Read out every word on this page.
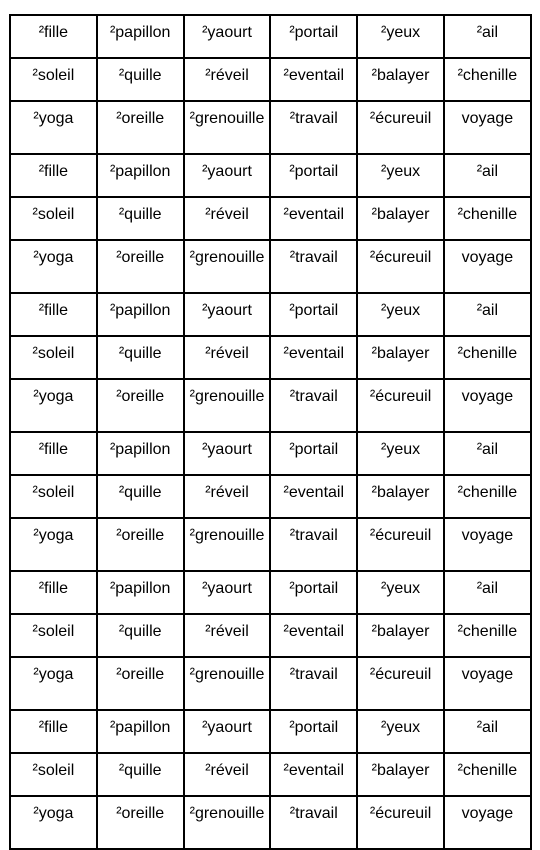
²fille	²papillon	²yaourt	²portail	²yeux	²ail
²soleil	²quille	²réveil	²eventail	²balayer	²chenille
²yoga	²oreille	²grenouille	²travail	²écureuil	voyage
²fille	²papillon	²yaourt	²portail	²yeux	²ail
²soleil	²quille	²réveil	²eventail	²balayer	²chenille
²yoga	²oreille	²grenouille	²travail	²écureuil	voyage
²fille	²papillon	²yaourt	²portail	²yeux	²ail
²soleil	²quille	²réveil	²eventail	²balayer	²chenille
²yoga	²oreille	²grenouille	²travail	²écureuil	voyage
²fille	²papillon	²yaourt	²portail	²yeux	²ail
²soleil	²quille	²réveil	²eventail	²balayer	²chenille
²yoga	²oreille	²grenouille	²travail	²écureuil	voyage
²fille	²papillon	²yaourt	²portail	²yeux	²ail
²soleil	²quille	²réveil	²eventail	²balayer	²chenille
²yoga	²oreille	²grenouille	²travail	²écureuil	voyage
²fille	²papillon	²yaourt	²portail	²yeux	²ail
²soleil	²quille	²réveil	²eventail	²balayer	²chenille
²yoga	²oreille	²grenouille	²travail	²écureuil	voyage
